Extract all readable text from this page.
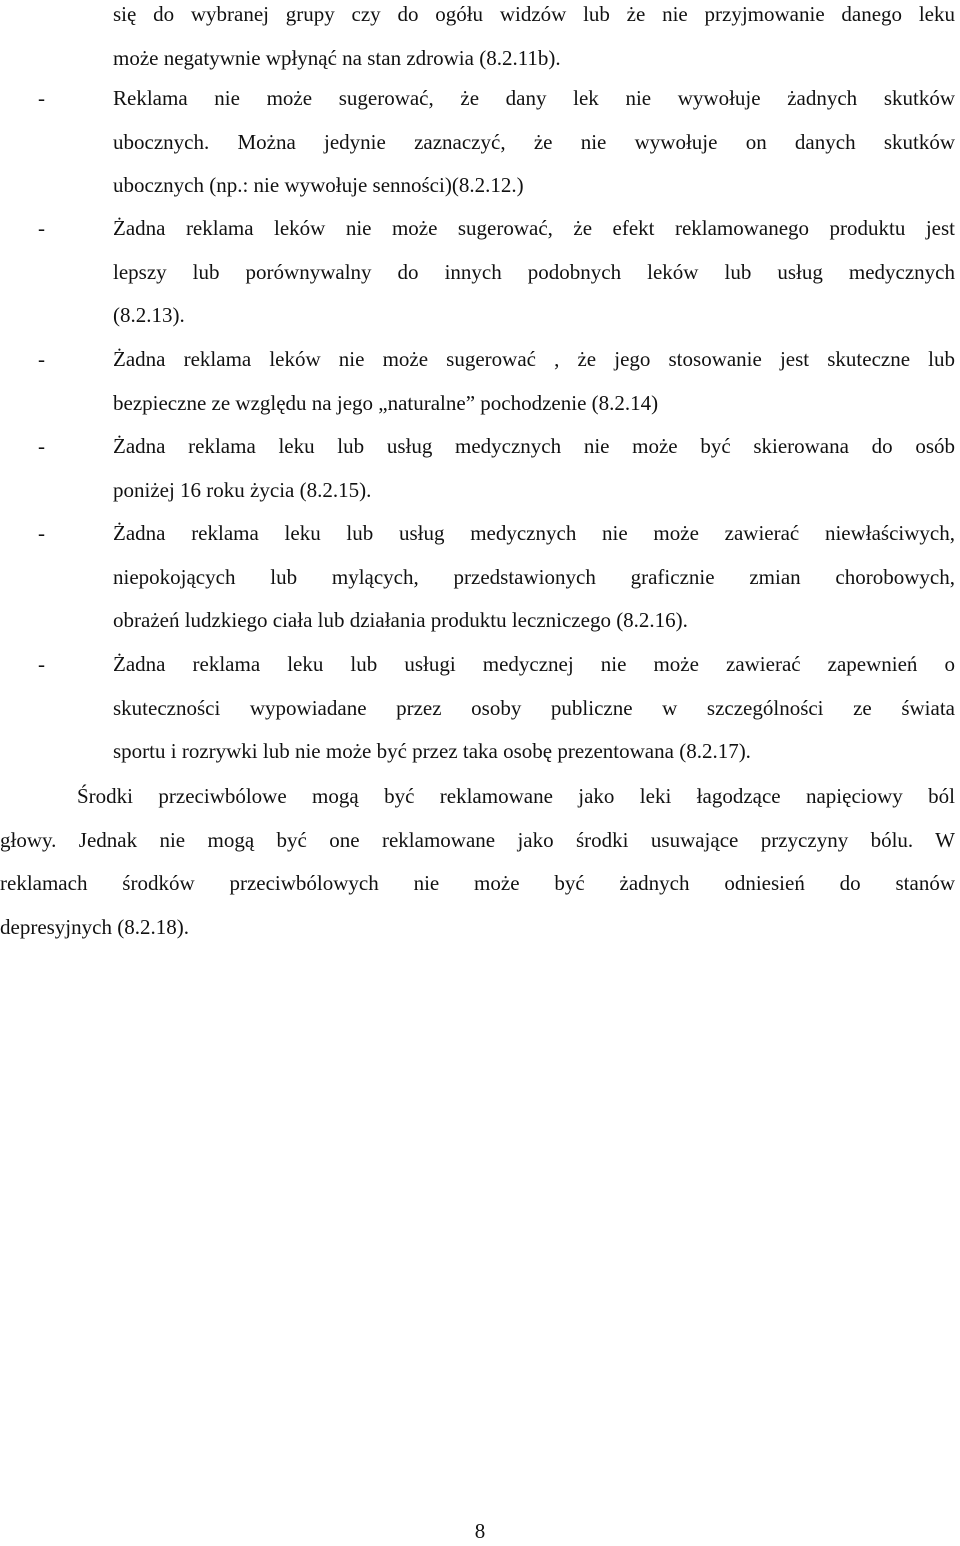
się do wybranej grupy czy do ogółu widzów lub że nie przyjmowanie danego leku
może negatywnie wpłynąć na stan zdrowia (8.2.11b).
-	Reklama nie może sugerować, że dany lek nie wywołuje żadnych skutków
ubocznych. Można jedynie zaznaczyć, że nie wywołuje on danych skutków
ubocznych (np.: nie wywołuje senności)(8.2.12.)
-	Żadna reklama leków nie może sugerować, że efekt reklamowanego produktu jest
lepszy lub porównywalny do innych podobnych leków lub usług medycznych
(8.2.13).
-	Żadna reklama leków nie może sugerować , że jego stosowanie jest skuteczne lub
bezpieczne ze względu na jego „naturalne” pochodzenie (8.2.14)
-	Żadna reklama leku lub usług medycznych nie może być skierowana do osób
poniżej 16 roku życia (8.2.15).
-	Żadna reklama leku lub usług medycznych nie może zawierać niewłaściwych,
niepokojących lub mylących, przedstawionych graficznie zmian chorobowych,
obrażeń ludzkiego ciała lub działania produktu leczniczego (8.2.16).
-	Żadna reklama leku lub usługi medycznej nie może zawierać zapewnień o
skuteczności wypowiadane przez osoby publiczne w szczególności ze świata
sportu i rozrywki lub nie może być przez taka osobę prezentowana (8.2.17).
Środki przeciwbólowe mogą być reklamowane jako leki łagodzące napięciowy ból
głowy. Jednak nie mogą być one reklamowane jako środki usuwające przyczyny bólu. W
reklamach środków przeciwbólowych nie może być żadnych odniesień do stanów
depresyjnych (8.2.18).
8
